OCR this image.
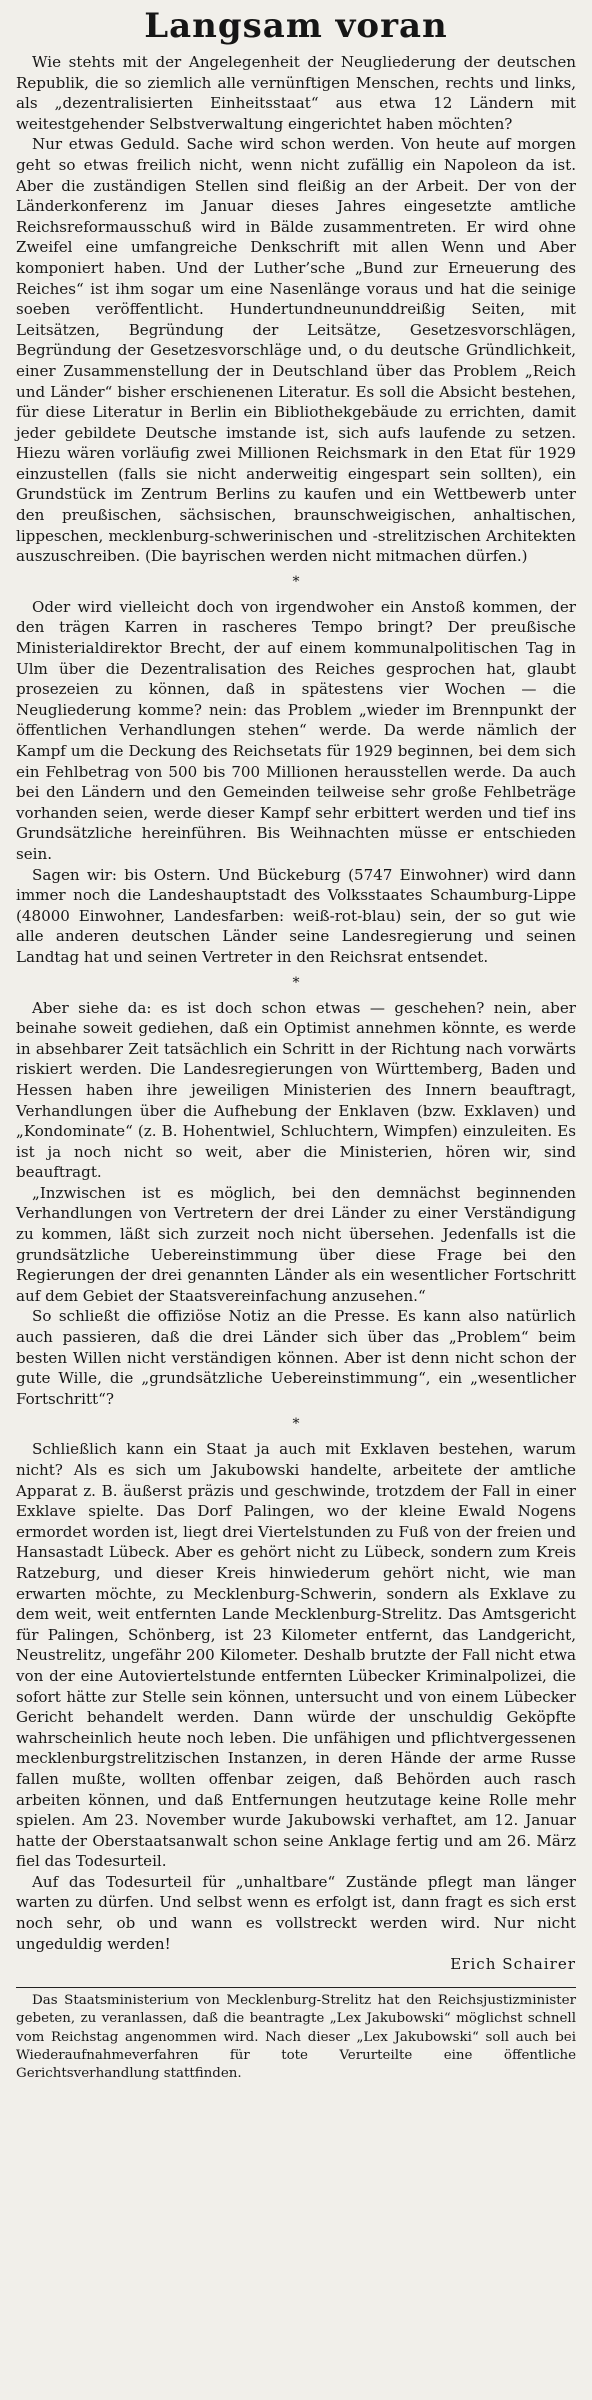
Langsam voran

Wie stehts mit der Angelegenheit der Neugliederung der deutschen Republik, die so ziemlich alle vernünftigen Menschen, rechts und links, als „dezentralisierten Einheitsstaat“ aus etwa 12 Ländern mit weitestgehender Selbstverwaltung eingerichtet haben möchten?

Nur etwas Geduld. Sache wird schon werden. Von heute auf morgen geht so etwas freilich nicht, wenn nicht zufällig ein Napoleon da ist. Aber die zuständigen Stellen sind fleißig an der Arbeit. Der von der Länderkonferenz im Januar dieses Jahres eingesetzte amtliche Reichsreformausschuß wird in Bälde zusammentreten. Er wird ohne Zweifel eine umfangreiche Denkschrift mit allen Wenn und Aber komponiert haben. Und der Luther’sche „Bund zur Erneuerung des Reiches“ ist ihm sogar um eine Nasenlänge voraus und hat die seinige soeben veröffentlicht. Hundertundneununddreißig Seiten, mit Leitsätzen, Begründung der Leitsätze, Gesetzesvorschlägen, Begründung der Gesetzesvorschläge und, o du deutsche Gründlichkeit, einer Zusammenstellung der in Deutschland über das Problem „Reich und Länder“ bisher erschienenen Literatur. Es soll die Absicht bestehen, für diese Literatur in Berlin ein Bibliothekgebäude zu errichten, damit jeder gebildete Deutsche imstande ist, sich aufs laufende zu setzen. Hiezu wären vorläufig zwei Millionen Reichsmark in den Etat für 1929 einzustellen (falls sie nicht anderweitig eingespart sein sollten), ein Grundstück im Zentrum Berlins zu kaufen und ein Wettbewerb unter den preußischen, sächsischen, braunschweigischen, anhaltischen, lippeschen, mecklenburg-schwerinischen und -strelitzischen Architekten auszuschreiben. (Die bayrischen werden nicht mitmachen dürfen.)

*

Oder wird vielleicht doch von irgendwoher ein Anstoß kommen, der den trägen Karren in rascheres Tempo bringt? Der preußische Ministerialdirektor Brecht, der auf einem kommunalpolitischen Tag in Ulm über die Dezentralisation des Reiches gesprochen hat, glaubt prosezeien zu können, daß in spätestens vier Wochen — die Neugliederung komme? nein: das Problem „wieder im Brennpunkt der öffentlichen Verhandlungen stehen“ werde. Da werde nämlich der Kampf um die Deckung des Reichsetats für 1929 beginnen, bei dem sich ein Fehlbetrag von 500 bis 700 Millionen herausstellen werde. Da auch bei den Ländern und den Gemeinden teilweise sehr große Fehlbeträge vorhanden seien, werde dieser Kampf sehr erbittert werden und tief ins Grundsätzliche hereinführen. Bis Weihnachten müsse er entschieden sein.

Sagen wir: bis Ostern. Und Bückeburg (5747 Einwohner) wird dann immer noch die Landeshauptstadt des Volksstaates Schaumburg-Lippe (48000 Einwohner, Landesfarben: weiß-rot-blau) sein, der so gut wie alle anderen deutschen Länder seine Landesregierung und seinen Landtag hat und seinen Vertreter in den Reichsrat entsendet.

*

Aber siehe da: es ist doch schon etwas — geschehen? nein, aber beinahe soweit gediehen, daß ein Optimist annehmen könnte, es werde in absehbarer Zeit tatsächlich ein Schritt in der Richtung nach vorwärts riskiert werden. Die Landesregierungen von Württemberg, Baden und Hessen haben ihre jeweiligen Ministerien des Innern beauftragt, Verhandlungen über die Aufhebung der Enklaven (bzw. Exklaven) und „Kondominate“ (z. B. Hohentwiel, Schluchtern, Wimpfen) einzuleiten. Es ist ja noch nicht so weit, aber die Ministerien, hören wir, sind beauftragt.

„Inzwischen ist es möglich, bei den demnächst beginnenden Verhandlungen von Vertretern der drei Länder zu einer Verständigung zu kommen, läßt sich zurzeit noch nicht übersehen. Jedenfalls ist die grundsätzliche Uebereinstimmung über diese Frage bei den Regierungen der drei genannten Länder als ein wesentlicher Fortschritt auf dem Gebiet der Staatsvereinfachung anzusehen.“

So schließt die offiziöse Notiz an die Presse. Es kann also natürlich auch passieren, daß die drei Länder sich über das „Problem“ beim besten Willen nicht verständigen können. Aber ist denn nicht schon der gute Wille, die „grundsätzliche Uebereinstimmung“, ein „wesentlicher Fortschritt“?

*

Schließlich kann ein Staat ja auch mit Exklaven bestehen, warum nicht? Als es sich um Jakubowski handelte, arbeitete der amtliche Apparat z. B. äußerst präzis und geschwinde, trotzdem der Fall in einer Exklave spielte. Das Dorf Palingen, wo der kleine Ewald Nogens ermordet worden ist, liegt drei Viertelstunden zu Fuß von der freien und Hansastadt Lübeck. Aber es gehört nicht zu Lübeck, sondern zum Kreis Ratzeburg, und dieser Kreis hinwiederum gehört nicht, wie man erwarten möchte, zu Mecklenburg-Schwerin, sondern als Exklave zu dem weit, weit entfernten Lande Mecklenburg-Strelitz. Das Amtsgericht für Palingen, Schönberg, ist 23 Kilometer entfernt, das Landgericht, Neustrelitz, ungefähr 200 Kilometer. Deshalb brutzte der Fall nicht etwa von der eine Autoviertelstunde entfernten Lübecker Kriminalpolizei, die sofort hätte zur Stelle sein können, untersucht und von einem Lübecker Gericht behandelt werden. Dann würde der unschuldig Geköpfte wahrscheinlich heute noch leben. Die unfähigen und pflichtvergessenen mecklenburgstrelitzischen Instanzen, in deren Hände der arme Russe fallen mußte, wollten offenbar zeigen, daß Behörden auch rasch arbeiten können, und daß Entfernungen heutzutage keine Rolle mehr spielen. Am 23. November wurde Jakubowski verhaftet, am 12. Januar hatte der Oberstaatsanwalt schon seine Anklage fertig und am 26. März fiel das Todesurteil.

Auf das Todesurteil für „unhaltbare“ Zustände pflegt man länger warten zu dürfen. Und selbst wenn es erfolgt ist, dann fragt es sich erst noch sehr, ob und wann es vollstreckt werden wird. Nur nicht ungeduldig werden!

Erich Schairer

Das Staatsministerium von Mecklenburg-Strelitz hat den Reichsjustizminister gebeten, zu veranlassen, daß die beantragte „Lex Jakubowski“ möglichst schnell vom Reichstag angenommen wird. Nach dieser „Lex Jakubowski“ soll auch bei Wiederaufnahmeverfahren für tote Verurteilte eine öffentliche Gerichtsverhandlung stattfinden.
